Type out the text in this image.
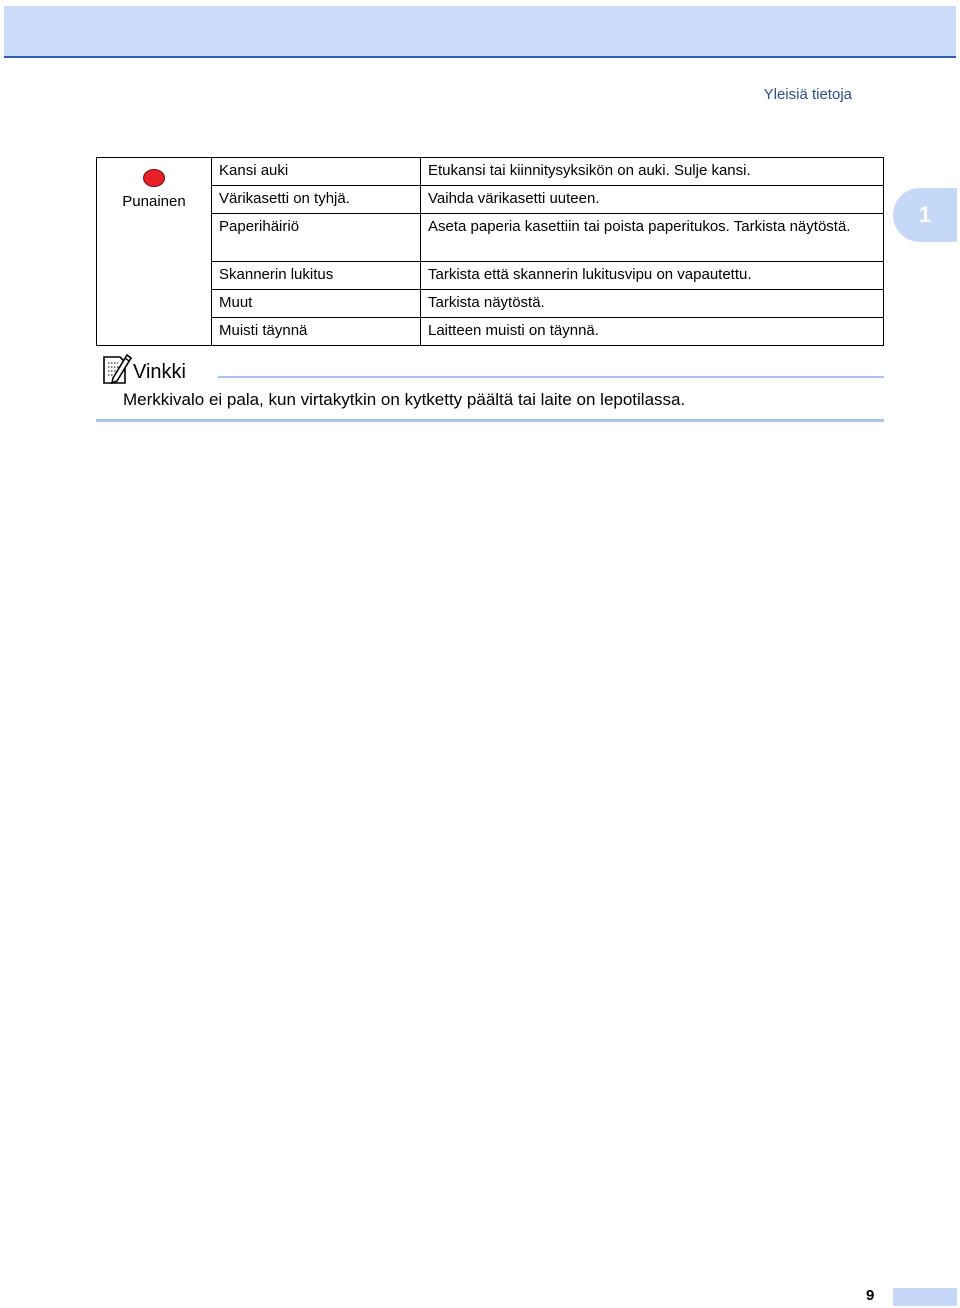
Yleisiä tietoja
1
Punainen	Kansi auki	Etukansi tai kiinnitysyksikön on auki. Sulje kansi.
	Värikasetti on tyhjä.	Vaihda värikasetti uuteen.
	Paperihäiriö	Aseta paperia kasettiin tai poista paperitukos. Tarkista näytöstä.
	Skannerin lukitus	Tarkista että skannerin lukitusvipu on vapautettu.
	Muut	Tarkista näytöstä.
	Muisti täynnä	Laitteen muisti on täynnä.
Vinkki
Merkkivalo ei pala, kun virtakytkin on kytketty päältä tai laite on lepotilassa.
9
